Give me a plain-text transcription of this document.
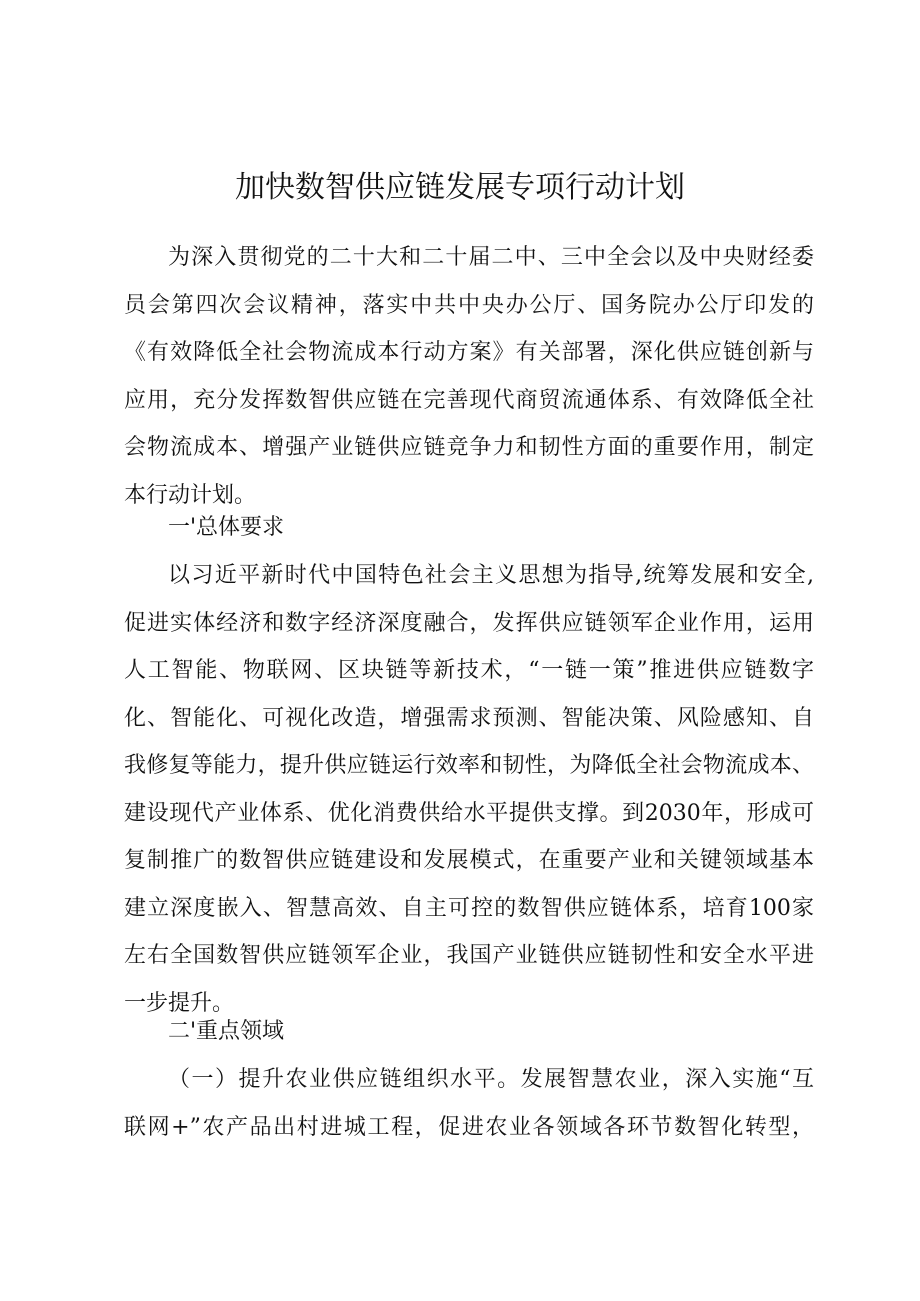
加快数智供应链发展专项行动计划

为深入贯彻党的二十大和二十届二中、三中全会以及中央财经委
员会第四次会议精神，落实中共中央办公厅、国务院办公厅印发的
《有效降低全社会物流成本行动方案》有关部署，深化供应链创新与
应用，充分发挥数智供应链在完善现代商贸流通体系、有效降低全社
会物流成本、增强产业链供应链竞争力和韧性方面的重要作用，制定
本行动计划。

一'总体要求

以习近平新时代中国特色社会主义思想为指导,统筹发展和安全,
促进实体经济和数字经济深度融合，发挥供应链领军企业作用，运用
人工智能、物联网、区块链等新技术，“一链一策”推进供应链数字
化、智能化、可视化改造，增强需求预测、智能决策、风险感知、自
我修复等能力，提升供应链运行效率和韧性，为降低全社会物流成本、
建设现代产业体系、优化消费供给水平提供支撑。到2030年，形成可
复制推广的数智供应链建设和发展模式，在重要产业和关键领域基本
建立深度嵌入、智慧高效、自主可控的数智供应链体系，培育100家
左右全国数智供应链领军企业，我国产业链供应链韧性和安全水平进
一步提升。

二'重点领域

（一）提升农业供应链组织水平。发展智慧农业，深入实施“互
联网+”农产品出村进城工程，促进农业各领域各环节数智化转型，
